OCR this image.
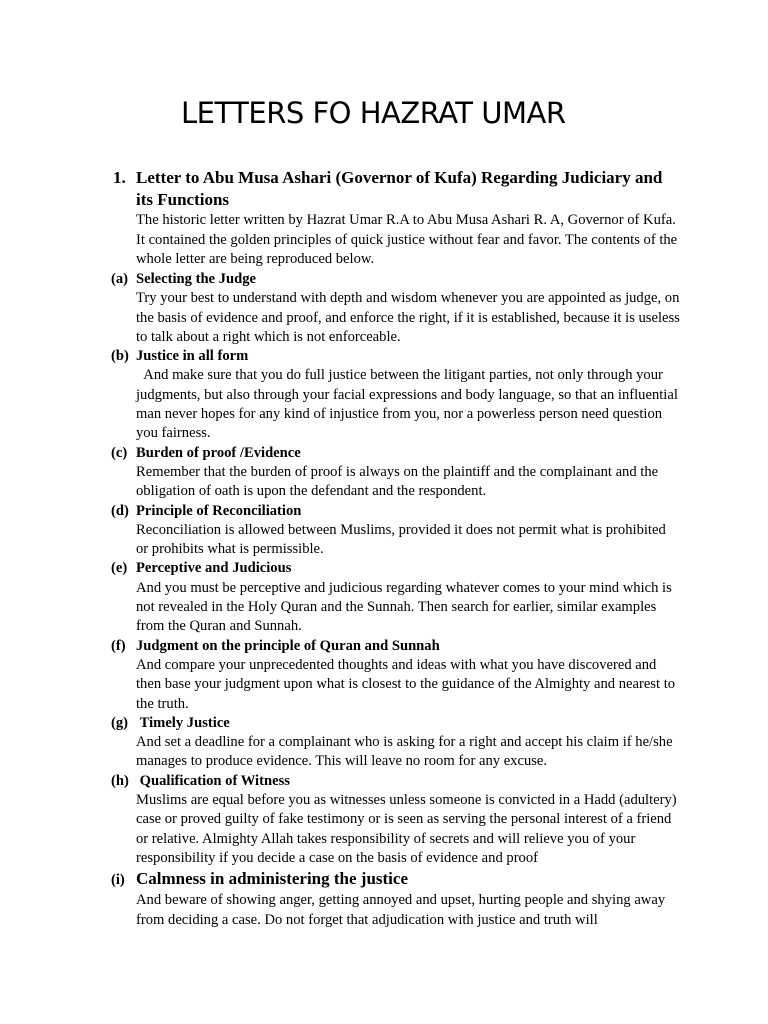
LETTERS FO HAZRAT UMAR
1. Letter to Abu Musa Ashari (Governor of Kufa) Regarding Judiciary and its Functions
The historic letter written by Hazrat Umar R.A to Abu Musa Ashari R. A, Governor of Kufa. It contained the golden principles of quick justice without fear and favor. The contents of the whole letter are being reproduced below.
(a) Selecting the Judge
Try your best to understand with depth and wisdom whenever you are appointed as judge, on the basis of evidence and proof, and enforce the right, if it is established, because it is useless to talk about a right which is not enforceable.
(b) Justice in all form
And make sure that you do full justice between the litigant parties, not only through your judgments, but also through your facial expressions and body language, so that an influential man never hopes for any kind of injustice from you, nor a powerless person need question you fairness.
(c) Burden of proof /Evidence
Remember that the burden of proof is always on the plaintiff and the complainant and the obligation of oath is upon the defendant and the respondent.
(d) Principle of Reconciliation
Reconciliation is allowed between Muslims, provided it does not permit what is prohibited or prohibits what is permissible.
(e) Perceptive and Judicious
And you must be perceptive and judicious regarding whatever comes to your mind which is not revealed in the Holy Quran and the Sunnah. Then search for earlier, similar examples from the Quran and Sunnah.
(f) Judgment on the principle of Quran and Sunnah
And compare your unprecedented thoughts and ideas with what you have discovered and then base your judgment upon what is closest to the guidance of the Almighty and nearest to the truth.
(g) Timely Justice
And set a deadline for a complainant who is asking for a right and accept his claim if he/she manages to produce evidence. This will leave no room for any excuse.
(h) Qualification of Witness
Muslims are equal before you as witnesses unless someone is convicted in a Hadd (adultery) case or proved guilty of fake testimony or is seen as serving the personal interest of a friend or relative. Almighty Allah takes responsibility of secrets and will relieve you of your responsibility if you decide a case on the basis of evidence and proof
(i) Calmness in administering the justice
And beware of showing anger, getting annoyed and upset, hurting people and shying away from deciding a case. Do not forget that adjudication with justice and truth will
